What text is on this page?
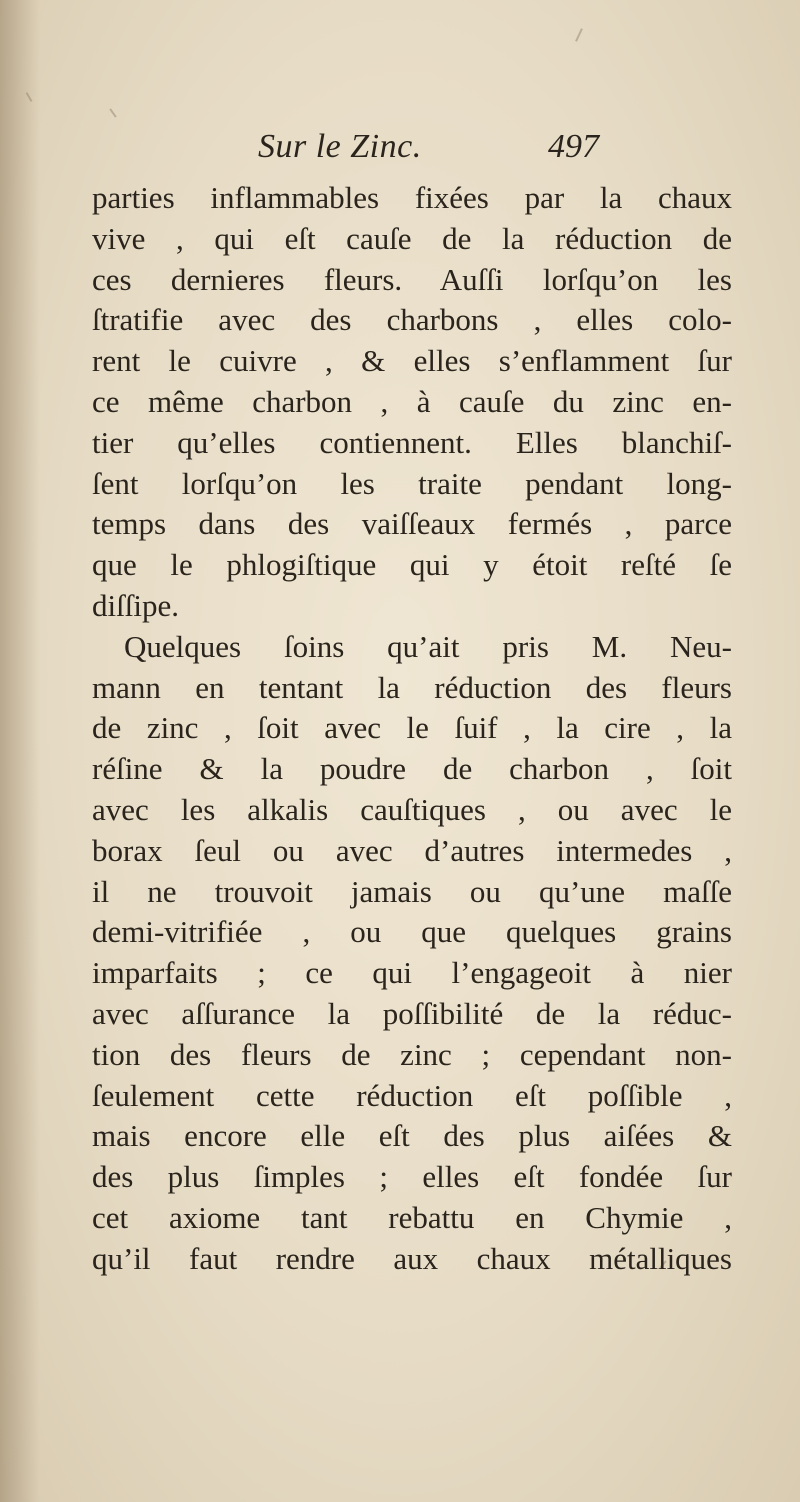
Sur le Zinc.	497
parties inflammables fixées par la chaux
vive , qui eſt cauſe de la réduction de
ces dernieres fleurs. Auſſi lorſqu’on les
ſtratifie avec des charbons , elles colo-
rent le cuivre , & elles s’enflamment ſur
ce même charbon , à cauſe du zinc en-
tier qu’elles contiennent. Elles blanchiſ-
ſent lorſqu’on les traite pendant long-
temps dans des vaiſſeaux fermés , parce
que le phlogiſtique qui y étoit reſté ſe
diſſipe.
Quelques ſoins qu’ait pris M. Neu-
mann en tentant la réduction des fleurs
de zinc , ſoit avec le ſuif , la cire , la
réſine & la poudre de charbon , ſoit
avec les alkalis cauſtiques , ou avec le
borax ſeul ou avec d’autres intermedes ,
il ne trouvoit jamais ou qu’une maſſe
demi-vitrifiée , ou que quelques grains
imparfaits ; ce qui l’engageoit à nier
avec aſſurance la poſſibilité de la réduc-
tion des fleurs de zinc ; cependant non-
ſeulement cette réduction eſt poſſible ,
mais encore elle eſt des plus aiſées &
des plus ſimples ; elles eſt fondée ſur
cet axiome tant rebattu en Chymie ,
qu’il faut rendre aux chaux métalliques
